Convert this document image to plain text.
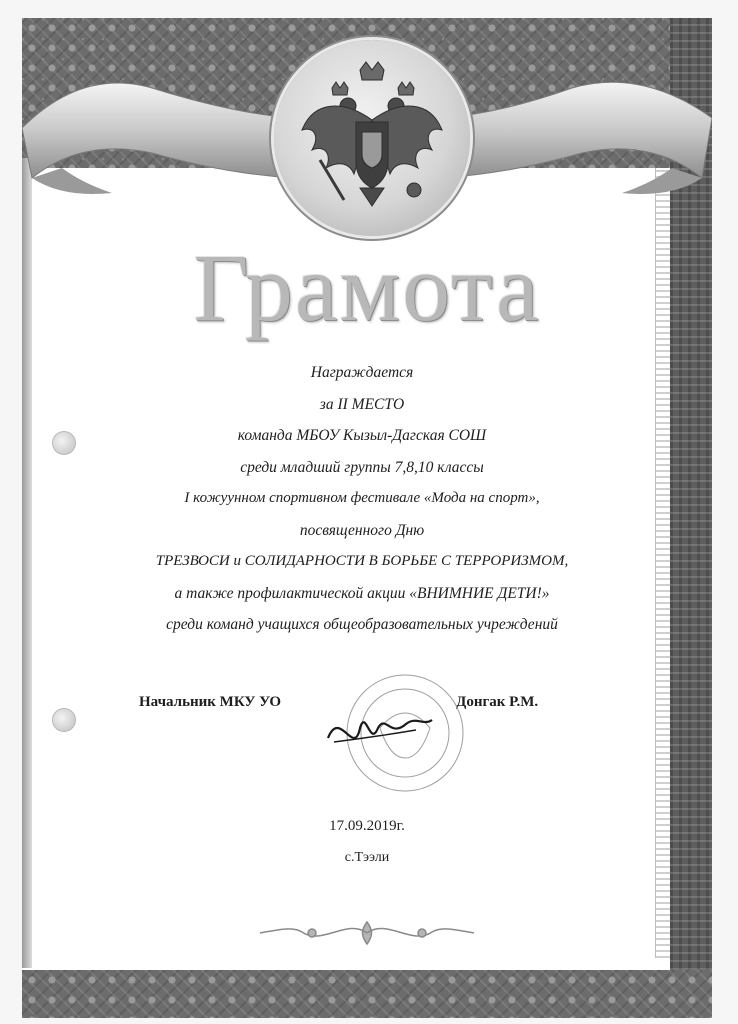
Грамота
Награждается
за II МЕСТО
команда МБОУ Кызыл-Дагская СОШ
среди младший группы 7,8,10 классы
I кожуунном спортивном фестивале «Мода на спорт»,
посвященного Дню
ТРЕЗВОСИ и СОЛИДАРНОСТИ В БОРЬБЕ С ТЕРРОРИЗМОМ,
а также профилактической акции «ВНИМНИЕ ДЕТИ!»
среди команд учащихся общеобразовательных учреждений
Начальник МКУ УО	Донгак Р.М.
17.09.2019г.
с.Тээли
